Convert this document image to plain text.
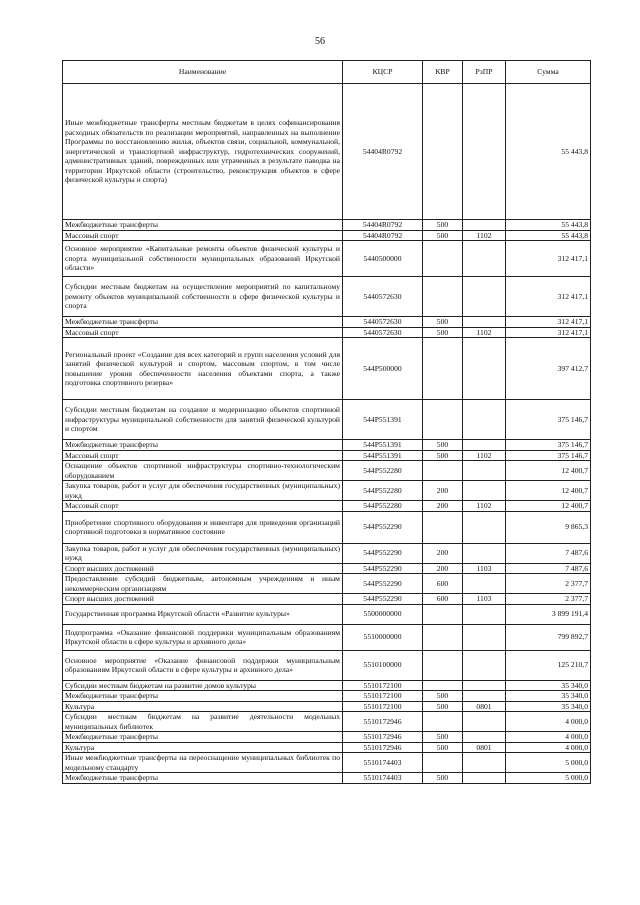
56
Наименование	КЦСР	КВР	РзПР	Сумма
Иные межбюджетные трансферты местным бюджетам в целях софинансирования расходных обязательств по реализации мероприятий, направленных на выполнение Программы по восстановлению жилья, объектов связи, социальной, коммунальной, энергетической и транспортной инфраструктур, гидротехнических сооружений, административных зданий, поврежденных или утраченных в результате паводка на территории Иркутской области (строительство, реконструкция объектов в сфере физической культуры и спорта)	54404R0792			55 443,8
Межбюджетные трансферты	54404R0792	500		55 443,8
Массовый спорт	54404R0792	500	1102	55 443,8
Основное мероприятие «Капитальные ремонты объектов физической культуры и спорта муниципальной собственности муниципальных образований Иркутской области»	5440500000			312 417,1
Субсидии местным бюджетам на осуществление мероприятий по капитальному ремонту объектов муниципальной собственности в сфере физической культуры и спорта	5440572630			312 417,1
Межбюджетные трансферты	5440572630	500		312 417,1
Массовый спорт	5440572630	500	1102	312 417,1
Региональный проект «Создание для всех категорий и групп населения условий для занятий физической культурой и спортом, массовым спортом, в том числе повышение уровня обеспеченности населения объектами спорта, а также подготовка спортивного резерва»	544P500000			397 412,7
Субсидии местным бюджетам на создание и модернизацию объектов спортивной инфраструктуры муниципальной собственности для занятий физической культурой и спортом	544P551391			375 146,7
Межбюджетные трансферты	544P551391	500		375 146,7
Массовый спорт	544P551391	500	1102	375 146,7
Оснащение объектов спортивной инфраструктуры спортивно-технологическим оборудованием	544P552280			12 400,7
Закупка товаров, работ и услуг для обеспечения государственных (муниципальных) нужд	544P552280	200		12 400,7
Массовый спорт	544P552280	200	1102	12 400,7
Приобретение спортивного оборудования и инвентаря для приведения организаций спортивной подготовки в нормативное состояние	544P552290			9 865,3
Закупка товаров, работ и услуг для обеспечения государственных (муниципальных) нужд	544P552290	200		7 487,6
Спорт высших достижений	544P552290	200	1103	7 487,6
Предоставление субсидий бюджетным, автономным учреждениям и иным некоммерческим организациям	544P552290	600		2 377,7
Спорт высших достижений	544P552290	600	1103	2 377,7
Государственная программа Иркутской области «Развитие культуры»	5500000000			3 899 191,4
Подпрограмма «Оказание финансовой поддержки муниципальным образованиям Иркутской области в сфере культуры и архивного дела»	5510000000			799 892,7
Основное мероприятие «Оказание финансовой поддержки муниципальным образованиям Иркутской области в сфере культуры и архивного дела»	5510100000			125 210,7
Субсидии местным бюджетам на развитие домов культуры	5510172100			35 340,0
Межбюджетные трансферты	5510172100	500		35 340,0
Культура	5510172100	500	0801	35 340,0
Субсидии местным бюджетам на развитие деятельности модельных муниципальных библиотек	5510172946			4 000,0
Межбюджетные трансферты	5510172946	500		4 000,0
Культура	5510172946	500	0801	4 000,0
Иные межбюджетные трансферты на переоснащение муниципальных библиотек по модельному стандарту	5510174403			5 000,0
Межбюджетные трансферты	5510174403	500		5 000,0
